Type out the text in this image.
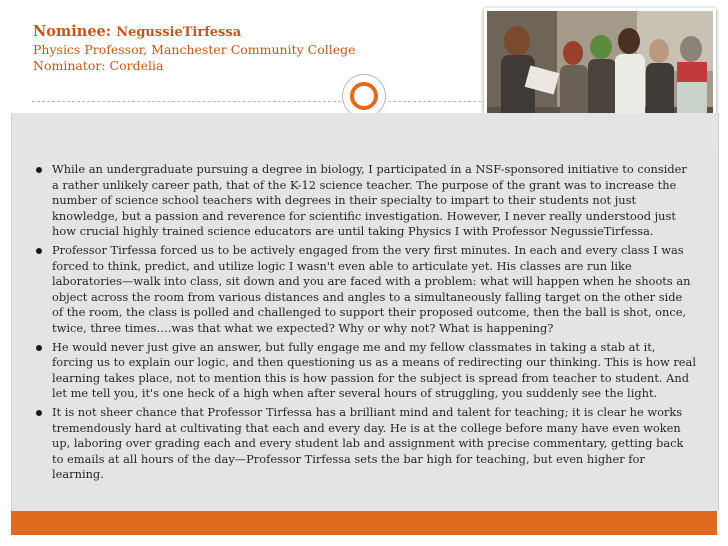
Nominee: NegussieTirfessa
Physics Professor, Manchester Community College
Nominator: Cordelia
While an undergraduate pursuing a degree in biology, I participated in a NSF-sponsored initiative to consider a rather unlikely career path, that of the K-12 science teacher. The purpose of the grant was to increase the number of science school teachers with degrees in their specialty to impart to their students not just knowledge, but a passion and reverence for scientific investigation. However, I never really understood just how crucial highly trained science educators are until taking Physics I with Professor NegussieTirfessa.
Professor Tirfessa forced us to be actively engaged from the very first minutes. In each and every class I was forced to think, predict, and utilize logic I wasn't even able to articulate yet. His classes are run like laboratories—walk into class, sit down and you are faced with a problem: what will happen when he shoots an object across the room from various distances and angles to a simultaneously falling target on the other side of the room, the class is polled and challenged to support their proposed outcome, then the ball is shot, once, twice, three times….was that what we expected? Why or why not? What is happening?
He would never just give an answer, but fully engage me and my fellow classmates in taking a stab at it, forcing us to explain our logic, and then questioning us as a means of redirecting our thinking. This is how real learning takes place, not to mention this is how passion for the subject is spread from teacher to student. And let me tell you, it's one heck of a high when after several hours of struggling, you suddenly see the light.
It is not sheer chance that Professor Tirfessa has a brilliant mind and talent for teaching; it is clear he works tremendously hard at cultivating that each and every day. He is at the college before many have even woken up, laboring over grading each and every student lab and assignment with precise commentary, getting back to emails at all hours of the day—Professor Tirfessa sets the bar high for teaching, but even higher for learning.
